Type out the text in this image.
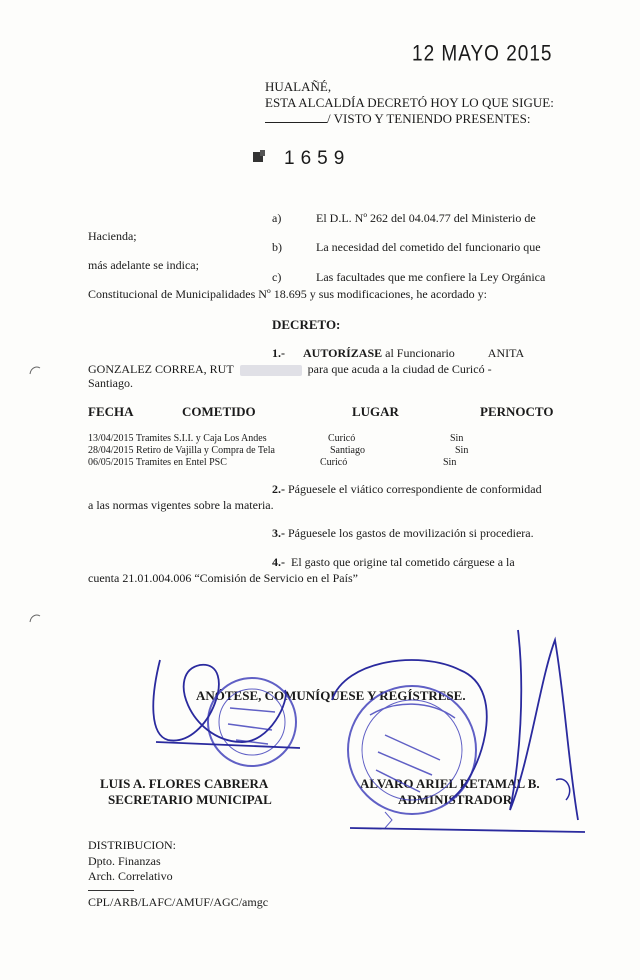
12 MAYO 2015
HUALAÑÉ,
ESTA ALCALDÍA DECRETÓ HOY LO QUE SIGUE:
/ VISTO Y TENIENDO PRESENTES:
1659
a)	El D.L. Nº 262 del 04.04.77 del Ministerio de
Hacienda;
b)	La necesidad del cometido del funcionario que
más adelante se indica;
c)	Las facultades que me confiere la Ley Orgánica
Constitucional de Municipalidades Nº 18.695 y sus modificaciones, he acordado y:
DECRETO:
1.- AUTORÍZASE al Funcionario	ANITA
GONZALEZ CORREA, RUT	para que acuda a la ciudad de Curicó -
Santiago.
FECHA	COMETIDO	LUGAR	PERNOCTO
13/04/2015 Tramites S.I.I. y Caja Los Andes	Curicó	Sin
28/04/2015 Retiro de Vajilla y Compra de Tela	Santiago	Sin
06/05/2015 Tramites en Entel PSC	Curicó	Sin
2.- Páguesele el viático correspondiente de conformidad
a las normas vigentes sobre la materia.
3.- Páguesele los gastos de movilización si procediera.
4.- El gasto que origine tal cometido cárguese a la
cuenta 21.01.004.006 “Comisión de Servicio en el País”
ANÓTESE, COMUNÍQUESE Y REGÍSTRESE.
LUIS A. FLORES CABRERA
SECRETARIO MUNICIPAL
ALVARO ARIEL RETAMAL B.
ADMINISTRADOR
DISTRIBUCION:
Dpto. Finanzas
Arch. Correlativo
CPL/ARB/LAFC/AMUF/AGC/amgc
